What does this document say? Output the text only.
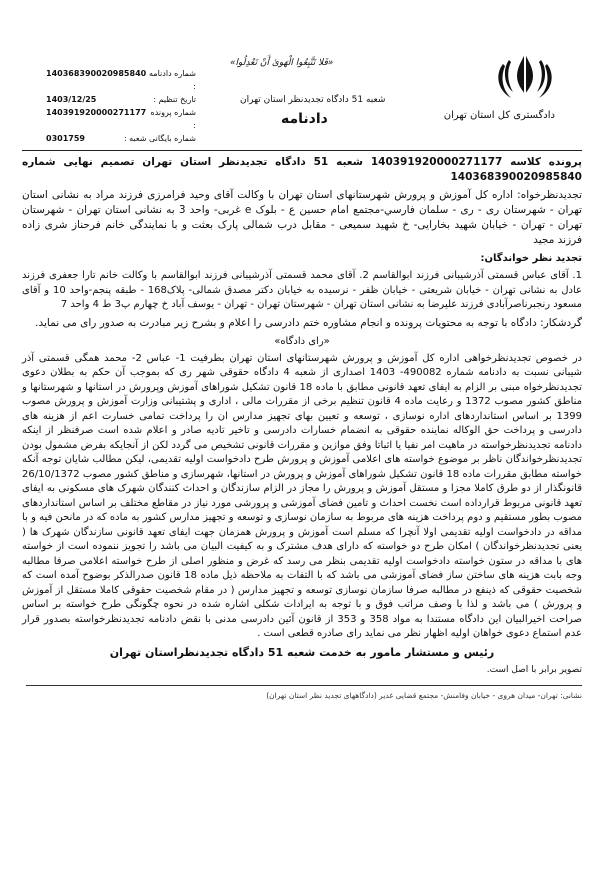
دادگستری کل استان تهران
«فَلا تَتَّبِعُوا الْهَوىٰ أَنْ تَعْدِلُوا»
شعبه 51 دادگاه تجدیدنظر استان تهران
دادنامه
شماره دادنامه :
140368390020985840
تاریخ تنظیم :
1403/12/25
شماره پرونده :
140391920000271177
شماره بایگانی شعبه :
0301759

پرونده کلاسه 140391920000271177 شعبه 51 دادگاه تجدیدنظر استان تهران تصمیم نهایی شماره 140368390020985840

تجدیدنظرخواه: اداره کل آموزش و پرورش شهرستانهای استان تهران با وکالت آقای وحید فرامرزی فرزند مراد به نشانی استان تهران - شهرستان ری - ری - سلمان فارسي-مجتمع امام حسین ع - بلوک e غربی- واحد 3 به نشانی استان تهران - شهرستان تهران - تهران - خیابان شهید بخارایی- خ شهید سمیعی - مقابل درب شمالی پارک بعثت و با نمایندگی خانم فرحناز شری زاده فرزند مجید

تجدید نظر خواندگان:

1. آقای عباس قسمتی آذرشیبانی فرزند ابوالقاسم 2. آقای محمد قسمتی آذرشیبانی فرزند ابوالقاسم با وکالت خانم تارا جعفری فرزند عادل به نشانی تهران - خیابان شریعتی - خیابان ظفر - نرسیده به خیابان دکتر مصدق شمالی- پلاک168 - طبقه پنجم-واحد 10 و آقای مسعود رنجبرناصرآبادی فرزند علیرضا به نشانی استان تهران - شهرستان تهران - تهران - یوسف آباد خ چهارم پ3 ط 4 واحد 7

گردشکار: دادگاه با توجه به محتویات پرونده و انجام مشاوره ختم دادرسی را اعلام و بشرح زیر مبادرت به صدور رای می نماید.

«رای دادگاه»

در خصوص تجدیدنظرخواهی اداره کل آموزش و پرورش شهرستانهای استان تهران بطرفیت 1- عباس 2- محمد همگی قسمتی آذر شیبانی نسبت به دادنامه شماره 490082- 1403 اصداری از شعبه 4 دادگاه حقوقی شهر ری که بموجب آن حکم به بطلان دعوی تجدیدنظرخواه مبنی بر الزام به ایفای تعهد قانونی مطابق با ماده 18 قانون تشکیل شوراهای آموزش وپرورش در استانها و شهرستانها و مناطق کشور مصوب 1372 و رعایت ماده 4 قانون تنظیم برخی از مقررات مالی ، اداری و پشتیبانی وزارت آموزش و پرورش مصوب 1399 بر اساس استانداردهای اداره نوسازی ، توسعه و تعیین بهای تجهیز مدارس ان را پرداخت تمامی خسارت اعم از هزینه های دادرسی و پرداخت حق الوکاله نماینده حقوقی به انضمام خسارات دادرسی و تاخیر تادیه صادر و اعلام شده است صرفنظر از اینکه دادنامه تجدیدنظرخواسته در ماهیت امر نفیا یا اثباتا وفق موازین و مقررات قانونی تشخیص می گردد لکن از آنجایکه بفرض مشمول بودن تجدیدنظرخواندگان ناظر بر موضوع خواسته های اعلامی آموزش و پرورش طرح دادخواست اولیه تقدیمی، لیکن مطالب شایان توجه آنکه خواسته مطابق مقررات ماده 18 قانون تشکیل شوراهای آموزش و پرورش در استانها، شهرسازی و مناطق کشور مصوب 26/10/1372 قانونگذار از دو طرق کاملا مجزا و مستقل آموزش و پرورش را مجاز در الزام سازندگان و احداث کنندگان شهرک های مسکونی به ایفای تعهد قانونی مربوط قرارداده است نخست احداث و تامین فضای آموزشی و پرورشی مورد نیاز در مقاطع مختلف بر اساس استانداردهای مصوب بطور مستقیم و دوم پرداخت هزینه های مربوط به سازمان نوسازی و توسعه و تجهیز مدارس کشور به ماده که در مانحن فیه و با مداقه در دادخواست اولیه تقدیمی اولا آنچرا که مسلم است آموزش و پرورش همزمان جهت ایفای تعهد قانونی سازندگان شهرک ها ( یعنی تجدیدنظرخواندگان ) امکان طرح دو خواسته که دارای هدف مشترک و به کیفیت البیان می باشد را تجویز ننموده است از خواسته های با مداقه در ستون خواسته دادخواست اولیه تقدیمی بنظر می رسد که غرض و منظور اصلی از طرح خواسته اعلامی صرفا مطالبه وجه بابت هزینه های ساختن ساز فضای آموزشی می باشد که با التفات به ملاحظه ذیل ماده 18 قانون صدرالذکر بوضوح آمده است که شخصیت حقوقی که ذینفع در مطالبه صرفا سازمان نوسازی توسعه و تجهیز مدارس ( در مقام شخصیت حقوقی کاملا مستقل از آموزش و پرورش ) می باشد و لذا با وصف مراتب فوق و با توجه به ایرادات شکلی اشاره شده در نحوه چگونگی طرح خواسته بر اساس صراحت اخیرالبیان این دادگاه مستندا به مواد 358 و 353 از قانون آئین دادرسی مدنی با نقض دادنامه تجدیدنظرخواسته بصدور قرار عدم استماع دعوی خواهان اولیه اظهار نظر می نماید رای صادره قطعی است .

رئیس و مستشار مامور به خدمت شعبه 51 دادگاه تجدیدنظراستان تهران

تصویر برابر با اصل است.

نشانی: تهران- میدان هروی - خیابان وفامنش- مجتمع قضایی غدیر (دادگاههای تجدید نظر استان تهران)
